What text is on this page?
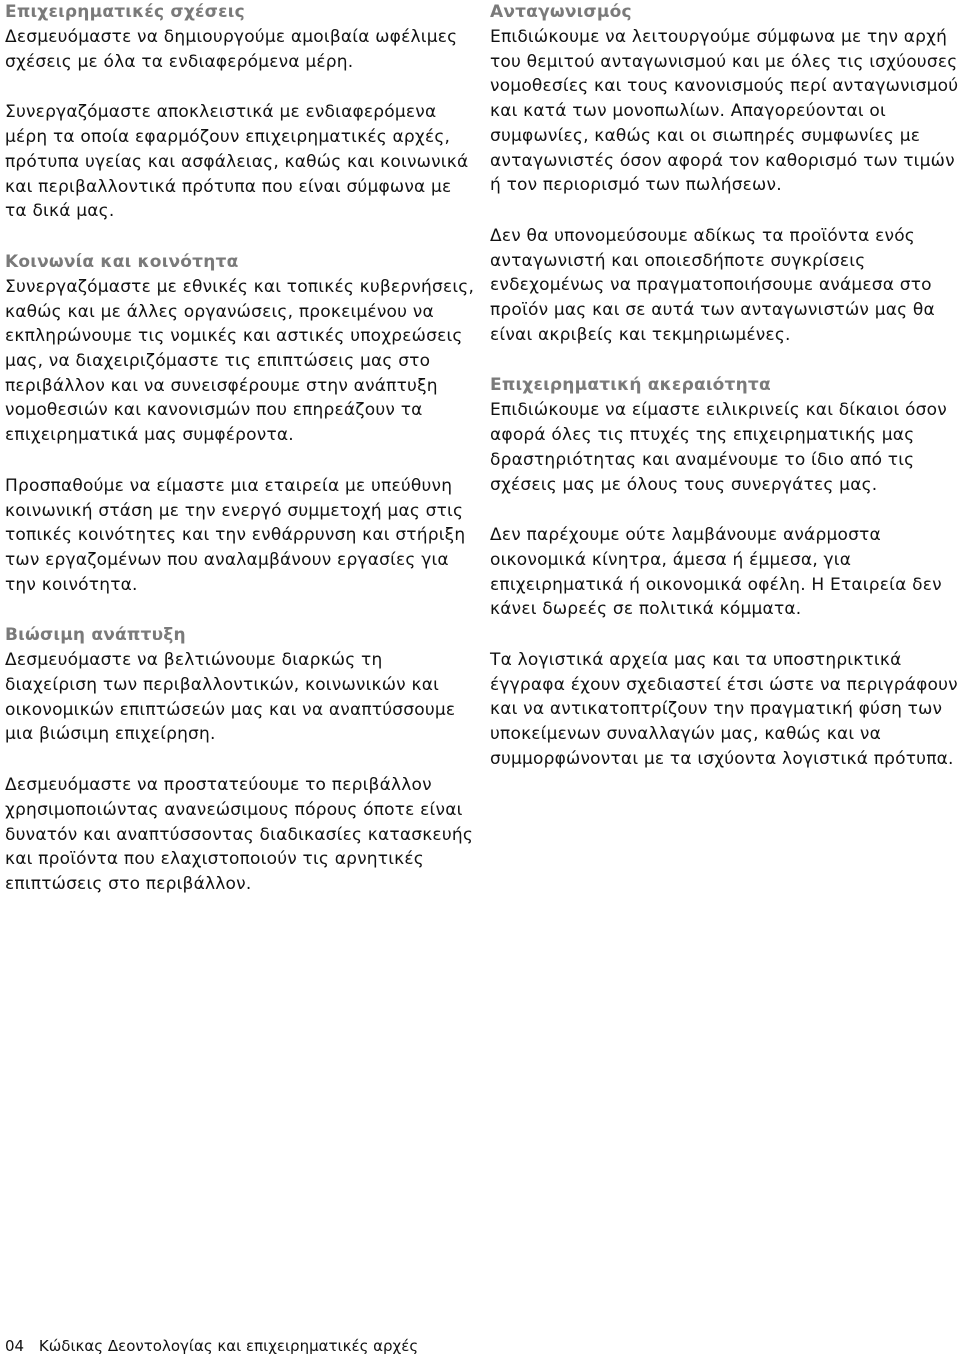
Επιχειρηματικές σχέσεις

Δεσμευόμαστε να δημιουργούμε αμοιβαία ωφέλιμες σχέσεις με όλα τα ενδιαφερόμενα μέρη.

Συνεργαζόμαστε αποκλειστικά με ενδιαφερόμενα μέρη τα οποία εφαρμόζουν επιχειρηματικές αρχές, πρότυπα υγείας και ασφάλειας, καθώς και κοινωνικά και περιβαλλοντικά πρότυπα που είναι σύμφωνα με τα δικά μας.

Κοινωνία και κοινότητα

Συνεργαζόμαστε με εθνικές και τοπικές κυβερνήσεις, καθώς και με άλλες οργανώσεις, προκειμένου να εκπληρώνουμε τις νομικές και αστικές υποχρεώσεις μας, να διαχειριζόμαστε τις επιπτώσεις μας στο περιβάλλον και να συνεισφέρουμε στην ανάπτυξη νομοθεσιών και κανονισμών που επηρεάζουν τα επιχειρηματικά μας συμφέροντα.

Προσπαθούμε να είμαστε μια εταιρεία με υπεύθυνη κοινωνική στάση με την ενεργό συμμετοχή μας στις τοπικές κοινότητες και την ενθάρρυνση και στήριξη των εργαζομένων που αναλαμβάνουν εργασίες για την κοινότητα.

Βιώσιμη ανάπτυξη

Δεσμευόμαστε να βελτιώνουμε διαρκώς τη διαχείριση των περιβαλλοντικών, κοινωνικών και οικονομικών επιπτώσεών μας και να αναπτύσσουμε μια βιώσιμη επιχείρηση.

Δεσμευόμαστε να προστατεύουμε το περιβάλλον χρησιμοποιώντας ανανεώσιμους πόρους όποτε είναι δυνατόν και αναπτύσσοντας διαδικασίες κατασκευής και προϊόντα που ελαχιστοποιούν τις αρνητικές επιπτώσεις στο περιβάλλον.

Ανταγωνισμός

Επιδιώκουμε να λειτουργούμε σύμφωνα με την αρχή του θεμιτού ανταγωνισμού και με όλες τις ισχύουσες νομοθεσίες και τους κανονισμούς περί ανταγωνισμού και κατά των μονοπωλίων. Απαγορεύονται οι συμφωνίες, καθώς και οι σιωπηρές συμφωνίες με ανταγωνιστές όσον αφορά τον καθορισμό των τιμών ή τον περιορισμό των πωλήσεων.

Δεν θα υπονομεύσουμε αδίκως τα προϊόντα ενός ανταγωνιστή και οποιεσδήποτε συγκρίσεις ενδεχομένως να πραγματοποιήσουμε ανάμεσα στο προϊόν μας και σε αυτά των ανταγωνιστών μας θα είναι ακριβείς και τεκμηριωμένες.

Επιχειρηματική ακεραιότητα

Επιδιώκουμε να είμαστε ειλικρινείς και δίκαιοι όσον αφορά όλες τις πτυχές της επιχειρηματικής μας δραστηριότητας και αναμένουμε το ίδιο από τις σχέσεις μας με όλους τους συνεργάτες μας.

Δεν παρέχουμε ούτε λαμβάνουμε ανάρμοστα οικονομικά κίνητρα, άμεσα ή έμμεσα, για επιχειρηματικά ή οικονομικά οφέλη. Η Εταιρεία δεν κάνει δωρεές σε πολιτικά κόμματα.

Τα λογιστικά αρχεία μας και τα υποστηρικτικά έγγραφα έχουν σχεδιαστεί έτσι ώστε να περιγράφουν και να αντικατοπτρίζουν την πραγματική φύση των υποκείμενων συναλλαγών μας, καθώς και να συμμορφώνονται με τα ισχύοντα λογιστικά πρότυπα.

04 Κώδικας Δεοντολογίας και επιχειρηματικές αρχές
